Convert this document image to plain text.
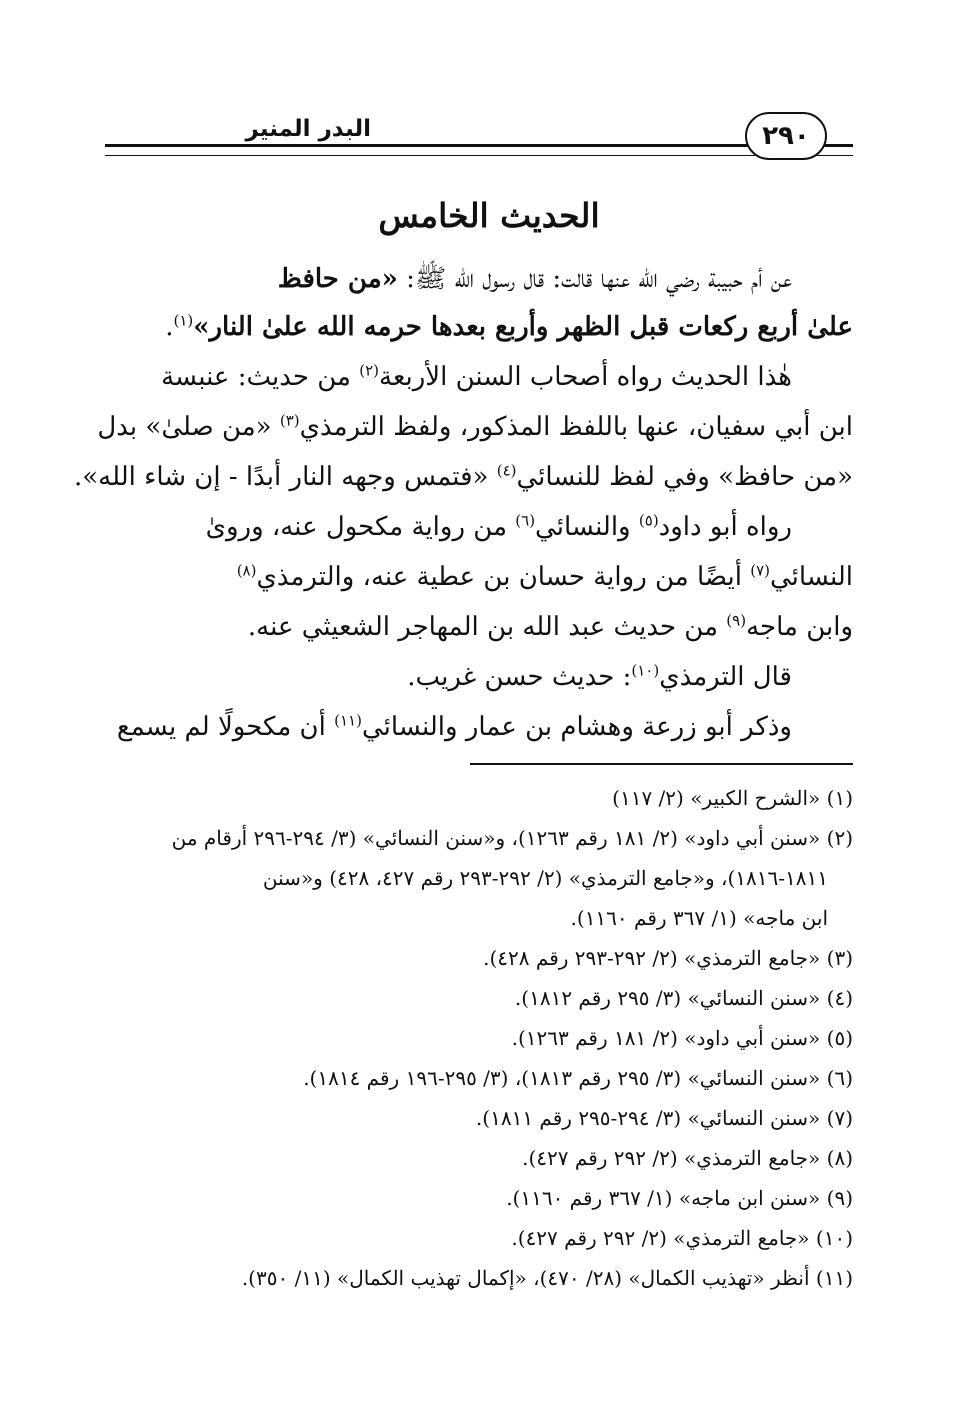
البدر المنير	٢٩٠
الحديث الخامس
عن أم حبيبة رضي الله عنها قالت: قال رسول الله ﷺ: «من حافظ
علىٰ أربع ركعات قبل الظهر وأربع بعدها حرمه الله علىٰ النار»$^{(١)}$.
هٰذا الحديث رواه أصحاب السنن الأربعة$^{(٢)}$ من حديث: عنبسة
ابن أبي سفيان، عنها باللفظ المذكور، ولفظ الترمذي$^{(٣)}$ «من صلىٰ» بدل
«من حافظ» وفي لفظ للنسائي$^{(٤)}$ «فتمس وجهه النار أبدًا - إن شاء الله».
رواه أبو داود$^{(٥)}$ والنسائي$^{(٦)}$ من رواية مكحول عنه، وروىٰ
النسائي$^{(٧)}$ أيضًا من رواية حسان بن عطية عنه، والترمذي$^{(٨)}$
وابن ماجه$^{(٩)}$ من حديث عبد الله بن المهاجر الشعيثي عنه.
قال الترمذي$^{(١٠)}$: حديث حسن غريب.
وذكر أبو زرعة وهشام بن عمار والنسائي$^{(١١)}$ أن مكحولًا لم يسمع
(١) «الشرح الكبير» (٢/ ١١٧)
(٢) «سنن أبي داود» (٢/ ١٨١ رقم ١٢٦٣)، و«سنن النسائي» (٣/ ٢٩٤-٢٩٦ أرقام من
١٨١١-١٨١٦)، و«جامع الترمذي» (٢/ ٢٩٢-٢٩٣ رقم ٤٢٧، ٤٢٨) و«سنن
ابن ماجه» (١/ ٣٦٧ رقم ١١٦٠).
(٣) «جامع الترمذي» (٢/ ٢٩٢-٢٩٣ رقم ٤٢٨).
(٤) «سنن النسائي» (٣/ ٢٩٥ رقم ١٨١٢).
(٥) «سنن أبي داود» (٢/ ١٨١ رقم ١٢٦٣).
(٦) «سنن النسائي» (٣/ ٢٩٥ رقم ١٨١٣)، (٣/ ٢٩٥-١٩٦ رقم ١٨١٤).
(٧) «سنن النسائي» (٣/ ٢٩٤-٢٩٥ رقم ١٨١١).
(٨) «جامع الترمذي» (٢/ ٢٩٢ رقم ٤٢٧).
(٩) «سنن ابن ماجه» (١/ ٣٦٧ رقم ١١٦٠).
(١٠) «جامع الترمذي» (٢/ ٢٩٢ رقم ٤٢٧).
(١١) أنظر «تهذيب الكمال» (٢٨/ ٤٧٠)، «إكمال تهذيب الكمال» (١١/ ٣٥٠).
